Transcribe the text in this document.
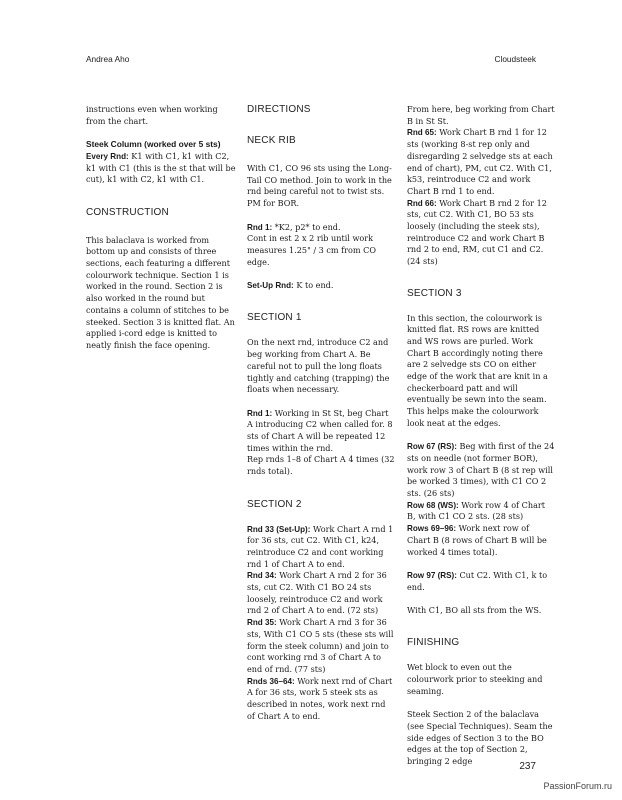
Andrea Aho	Cloudsteek

instructions even when working from the chart.

Steek Column (worked over 5 sts)
Every Rnd: K1 with C1, k1 with C2, k1 with C1 (this is the st that will be cut), k1 with C2, k1 with C1.

CONSTRUCTION

This balaclava is worked from bottom up and consists of three sections, each featuring a different colourwork technique. Section 1 is worked in the round. Section 2 is also worked in the round but contains a column of stitches to be steeked. Section 3 is knitted flat. An applied i-cord edge is knitted to neatly finish the face opening.

DIRECTIONS
NECK RIB

With C1, CO 96 sts using the Long-Tail CO method. Join to work in the rnd being careful not to twist sts. PM for BOR.

Rnd 1: *K2, p2* to end.
Cont in est 2 x 2 rib until work measures 1.25" / 3 cm from CO edge.

Set-Up Rnd: K to end.

SECTION 1

On the next rnd, introduce C2 and beg working from Chart A. Be careful not to pull the long floats tightly and catching (trapping) the floats when necessary.

Rnd 1: Working in St St, beg Chart A introducing C2 when called for. 8 sts of Chart A will be repeated 12 times within the rnd.
Rep rnds 1–8 of Chart A 4 times (32 rnds total).

SECTION 2

Rnd 33 (Set-Up): Work Chart A rnd 1 for 36 sts, cut C2. With C1, k24, reintroduce C2 and cont working rnd 1 of Chart A to end.
Rnd 34: Work Chart A rnd 2 for 36 sts, cut C2. With C1 BO 24 sts loosely, reintroduce C2 and work rnd 2 of Chart A to end. (72 sts)
Rnd 35: Work Chart A rnd 3 for 36 sts, With C1 CO 5 sts (these sts will form the steek column) and join to cont working rnd 3 of Chart A to end of rnd. (77 sts)
Rnds 36–64: Work next rnd of Chart A for 36 sts, work 5 steek sts as described in notes, work next rnd of Chart A to end.

From here, beg working from Chart B in St St.

Rnd 65: Work Chart B rnd 1 for 12 sts (working 8-st rep only and disregarding 2 selvedge sts at each end of chart), PM, cut C2. With C1, k53, reintroduce C2 and work Chart B rnd 1 to end.
Rnd 66: Work Chart B rnd 2 for 12 sts, cut C2. With C1, BO 53 sts loosely (including the steek sts), reintroduce C2 and work Chart B rnd 2 to end, RM, cut C1 and C2. (24 sts)

SECTION 3

In this section, the colourwork is knitted flat. RS rows are knitted and WS rows are purled. Work Chart B accordingly noting there are 2 selvedge sts CO on either edge of the work that are knit in a checkerboard patt and will eventually be sewn into the seam. This helps make the colourwork look neat at the edges.

Row 67 (RS): Beg with first of the 24 sts on needle (not former BOR), work row 3 of Chart B (8 st rep will be worked 3 times), with C1 CO 2 sts. (26 sts)
Row 68 (WS): Work row 4 of Chart B, with C1 CO 2 sts. (28 sts)
Rows 69–96: Work next row of Chart B (8 rows of Chart B will be worked 4 times total).

Row 97 (RS): Cut C2. With C1, k to end.

With C1, BO all sts from the WS.

FINISHING

Wet block to even out the colourwork prior to steeking and seaming.

Steek Section 2 of the balaclava (see Special Techniques). Seam the side edges of Section 3 to the BO edges at the top of Section 2, bringing 2 edge	237
PassionForum.ru
